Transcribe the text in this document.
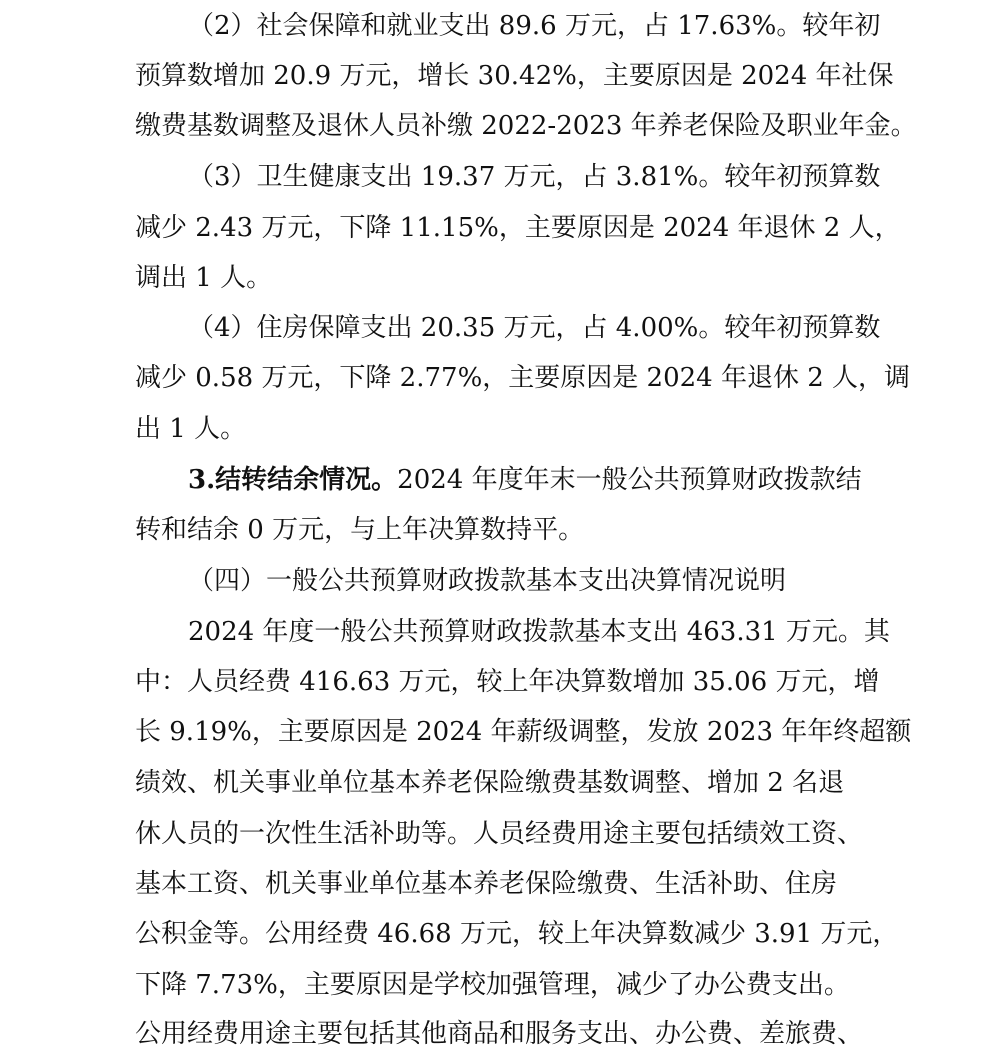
（2）社会保障和就业支出 89.6 万元，占 17.63%。较年初
预算数增加 20.9 万元，增长 30.42%，主要原因是 2024 年社保
缴费基数调整及退休人员补缴 2022-2023 年养老保险及职业年金。
（3）卫生健康支出 19.37 万元，占 3.81%。较年初预算数
减少 2.43 万元，下降 11.15%，主要原因是 2024 年退休 2 人，
调出 1 人。
（4）住房保障支出 20.35 万元，占 4.00%。较年初预算数
减少 0.58 万元，下降 2.77%，主要原因是 2024 年退休 2 人，调
出 1 人。
3.结转结余情况。2024 年度年末一般公共预算财政拨款结
转和结余 0 万元，与上年决算数持平。
（四）一般公共预算财政拨款基本支出决算情况说明
2024 年度一般公共预算财政拨款基本支出 463.31 万元。其
中：人员经费 416.63 万元，较上年决算数增加 35.06 万元，增
长 9.19%，主要原因是 2024 年薪级调整，发放 2023 年年终超额
绩效、机关事业单位基本养老保险缴费基数调整、增加 2 名退
休人员的一次性生活补助等。人员经费用途主要包括绩效工资、
基本工资、机关事业单位基本养老保险缴费、生活补助、住房
公积金等。公用经费 46.68 万元，较上年决算数减少 3.91 万元，
下降 7.73%，主要原因是学校加强管理，减少了办公费支出。
公用经费用途主要包括其他商品和服务支出、办公费、差旅费、
